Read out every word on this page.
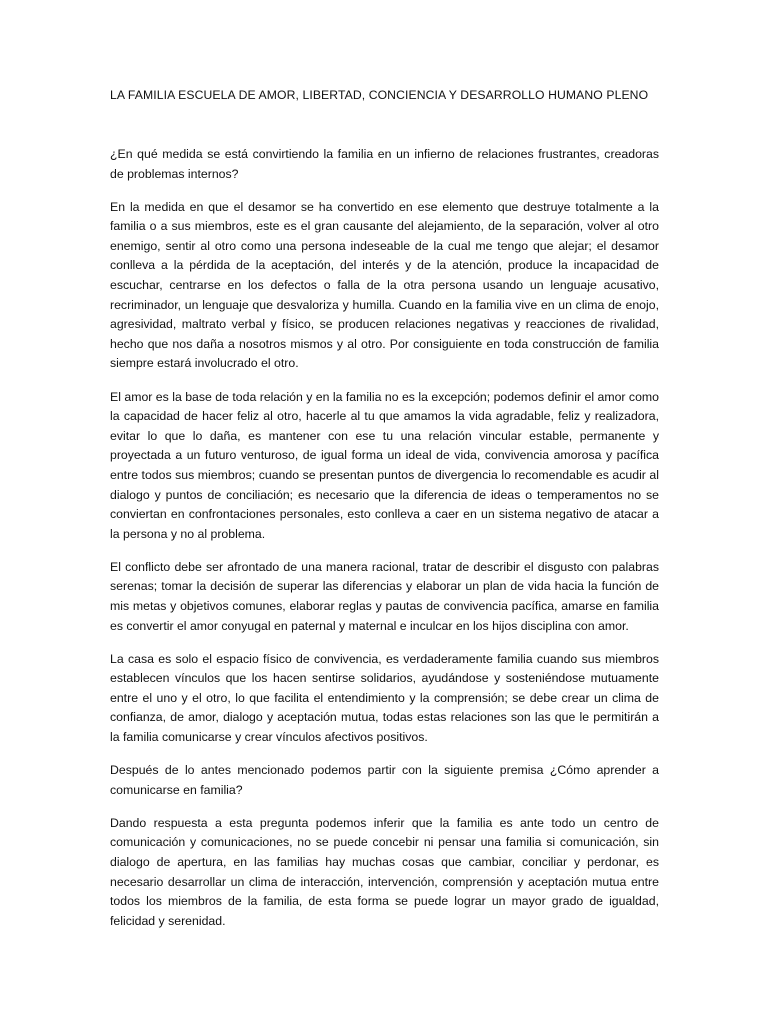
LA FAMILIA ESCUELA DE AMOR, LIBERTAD, CONCIENCIA Y DESARROLLO HUMANO PLENO

¿En qué medida se está convirtiendo la familia en un infierno de relaciones frustrantes, creadoras de problemas internos?

En la medida en que el desamor se ha convertido en ese elemento que destruye totalmente a la familia o a sus miembros, este es el gran causante del alejamiento, de la separación, volver al otro enemigo, sentir al otro como una persona indeseable de la cual me tengo que alejar; el desamor conlleva a la pérdida de la aceptación, del interés y de la atención, produce la incapacidad de escuchar, centrarse en los defectos o falla de la otra persona usando un lenguaje acusativo, recriminador, un lenguaje que desvaloriza y humilla. Cuando en la familia vive en un clima de enojo, agresividad, maltrato verbal y físico, se producen relaciones negativas y reacciones de rivalidad, hecho que nos daña a nosotros mismos y al otro. Por consiguiente en toda construcción de familia siempre estará involucrado el otro.

El amor es la base de toda relación y en la familia no es la excepción; podemos definir el amor como la capacidad de hacer feliz al otro, hacerle al tu que amamos la vida agradable, feliz y realizadora, evitar lo que lo daña, es mantener con ese tu una relación vincular estable, permanente y proyectada a un futuro venturoso, de igual forma un ideal de vida, convivencia amorosa y pacífica entre todos sus miembros; cuando se presentan puntos de divergencia lo recomendable es acudir al dialogo y puntos de conciliación; es necesario que la diferencia de ideas o temperamentos no se conviertan en confrontaciones personales, esto conlleva a caer en un sistema negativo de atacar a la persona y no al problema.

El conflicto debe ser afrontado de una manera racional, tratar de describir el disgusto con palabras serenas; tomar la decisión de superar las diferencias y elaborar un plan de vida hacia la función de mis metas y objetivos comunes, elaborar reglas y pautas de convivencia pacífica, amarse en familia es convertir el amor conyugal en paternal y maternal e inculcar en los hijos disciplina con amor.

La casa es solo el espacio físico de convivencia, es verdaderamente familia cuando sus miembros establecen vínculos que los hacen sentirse solidarios, ayudándose y sosteniéndose mutuamente entre el uno y el otro, lo que facilita el entendimiento y la comprensión; se debe crear un clima de confianza, de amor, dialogo y aceptación mutua, todas estas relaciones son las que le permitirán a la familia comunicarse y crear vínculos afectivos positivos.

Después de lo antes mencionado podemos partir con la siguiente premisa ¿Cómo aprender a comunicarse en familia?

Dando respuesta a esta pregunta podemos inferir que la familia es ante todo un centro de comunicación y comunicaciones, no se puede concebir ni pensar una familia si comunicación, sin dialogo de apertura, en las familias hay muchas cosas que cambiar, conciliar y perdonar, es necesario desarrollar un clima de interacción, intervención, comprensión y aceptación mutua entre todos los miembros de la familia, de esta forma se puede lograr un mayor grado de igualdad, felicidad y serenidad.
